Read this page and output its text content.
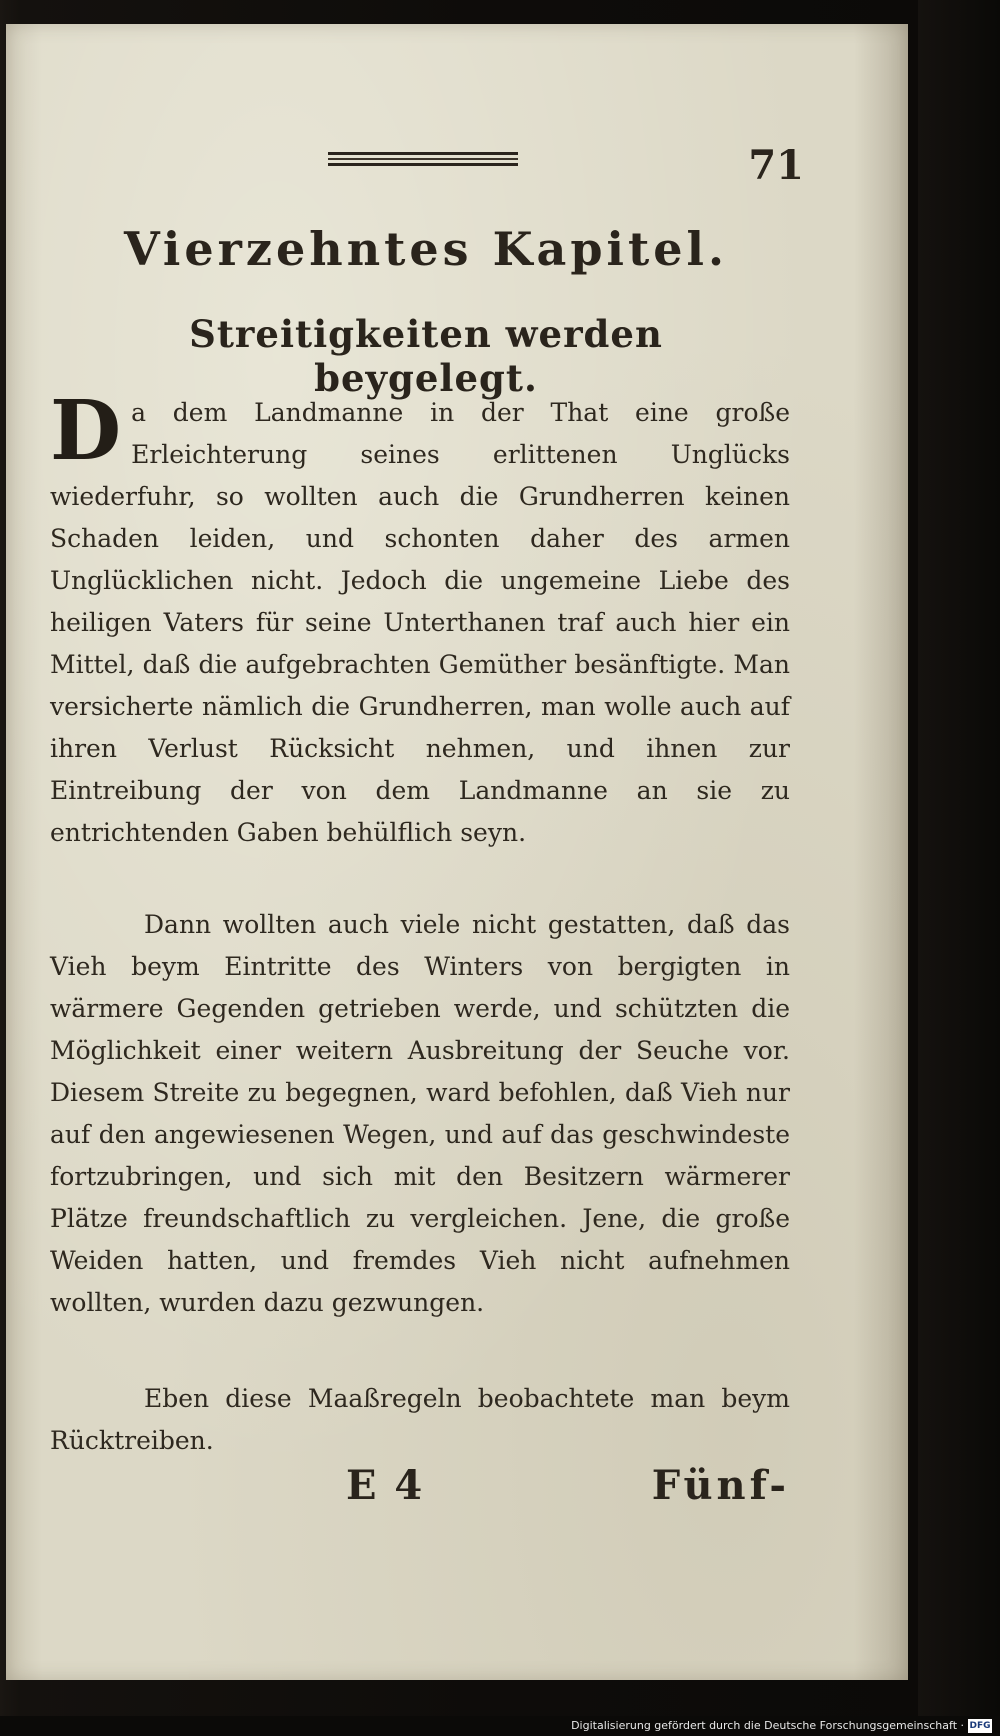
71
Vierzehntes Kapitel.
Streitigkeiten werden beygelegt.
Da dem Landmanne in der That eine große Erleichterung seines erlittenen Unglücks wiederfuhr, so wollten auch die Grundherren keinen Schaden leiden, und schonten daher des armen Unglücklichen nicht. Jedoch die ungemeine Liebe des heiligen Vaters für seine Unterthanen traf auch hier ein Mittel, daß die aufgebrachten Gemüther besänftigte. Man versicherte nämlich die Grundherren, man wolle auch auf ihren Verlust Rücksicht nehmen, und ihnen zur Eintreibung der von dem Landmanne an sie zu entrichtenden Gaben behülflich seyn.
Dann wollten auch viele nicht gestatten, daß das Vieh beym Eintritte des Winters von bergigten in wärmere Gegenden getrieben werde, und schützten die Möglichkeit einer weitern Ausbreitung der Seuche vor. Diesem Streite zu begegnen, ward befohlen, daß Vieh nur auf den angewiesenen Wegen, und auf das geschwindeste fortzubringen, und sich mit den Besitzern wärmerer Plätze freundschaftlich zu vergleichen. Jene, die große Weiden hatten, und fremdes Vieh nicht aufnehmen wollten, wurden dazu gezwungen.
Eben diese Maaßregeln beobachtete man beym Rücktreiben.
E 4	Fünf-
Digitalisierung gefördert durch die Deutsche Forschungsgemeinschaft · DFG
